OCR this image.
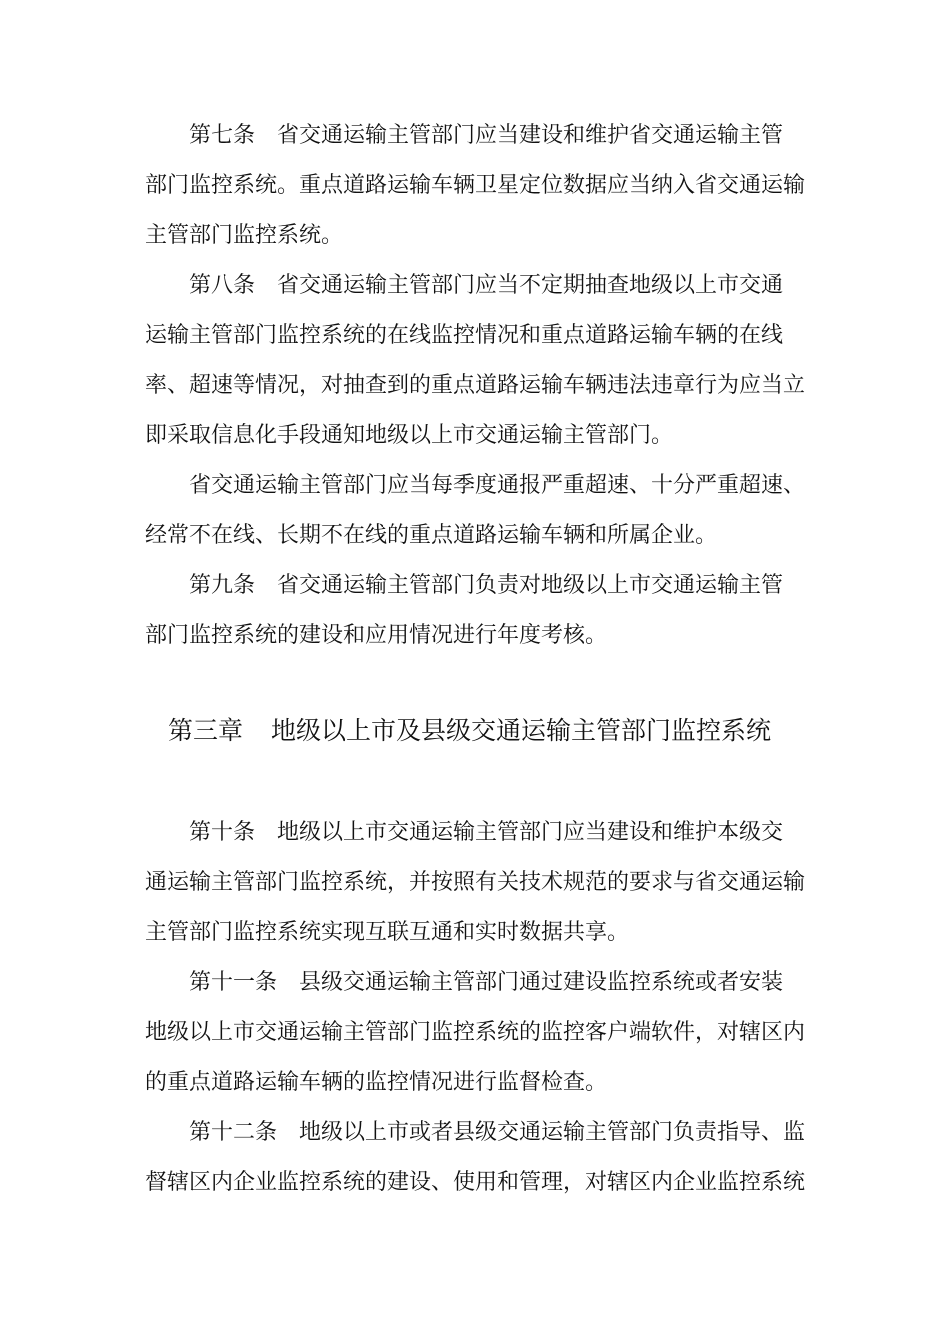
第七条 省交通运输主管部门应当建设和维护省交通运输主管
部门监控系统。重点道路运输车辆卫星定位数据应当纳入省交通运输
主管部门监控系统。
第八条 省交通运输主管部门应当不定期抽查地级以上市交通
运输主管部门监控系统的在线监控情况和重点道路运输车辆的在线
率、超速等情况，对抽查到的重点道路运输车辆违法违章行为应当立
即采取信息化手段通知地级以上市交通运输主管部门。
省交通运输主管部门应当每季度通报严重超速、十分严重超速、
经常不在线、长期不在线的重点道路运输车辆和所属企业。
第九条 省交通运输主管部门负责对地级以上市交通运输主管
部门监控系统的建设和应用情况进行年度考核。
第三章 地级以上市及县级交通运输主管部门监控系统
第十条 地级以上市交通运输主管部门应当建设和维护本级交
通运输主管部门监控系统，并按照有关技术规范的要求与省交通运输
主管部门监控系统实现互联互通和实时数据共享。
第十一条 县级交通运输主管部门通过建设监控系统或者安装
地级以上市交通运输主管部门监控系统的监控客户端软件，对辖区内
的重点道路运输车辆的监控情况进行监督检查。
第十二条 地级以上市或者县级交通运输主管部门负责指导、监
督辖区内企业监控系统的建设、使用和管理，对辖区内企业监控系统
